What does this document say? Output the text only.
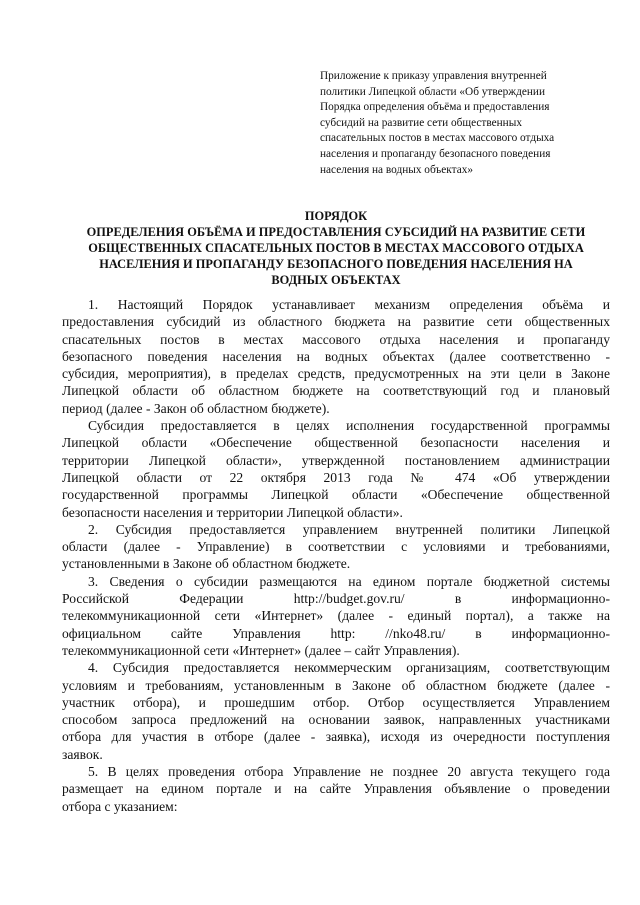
Приложение к приказу управления внутренней
политики Липецкой области «Об утверждении
Порядка определения объёма и предоставления
субсидий на развитие сети общественных
спасательных постов в местах массового отдыха
населения и пропаганду безопасного поведения
населения на водных объектах»
ПОРЯДОК
ОПРЕДЕЛЕНИЯ ОБЪЁМА И ПРЕДОСТАВЛЕНИЯ СУБСИДИЙ НА РАЗВИТИЕ СЕТИ
ОБЩЕСТВЕННЫХ СПАСАТЕЛЬНЫХ ПОСТОВ В МЕСТАХ МАССОВОГО ОТДЫХА
НАСЕЛЕНИЯ И ПРОПАГАНДУ БЕЗОПАСНОГО ПОВЕДЕНИЯ НАСЕЛЕНИЯ НА
ВОДНЫХ ОБЪЕКТАХ
1. Настоящий Порядок устанавливает механизм определения объёма и
предоставления субсидий из областного бюджета на развитие сети общественных
спасательных постов в местах массового отдыха населения и пропаганду
безопасного поведения населения на водных объектах (далее соответственно -
субсидия, мероприятия), в пределах средств, предусмотренных на эти цели в Законе
Липецкой области об областном бюджете на соответствующий год и плановый
период (далее - Закон об областном бюджете).
Субсидия предоставляется в целях исполнения государственной программы
Липецкой области «Обеспечение общественной безопасности населения и
территории Липецкой области», утвержденной постановлением администрации
Липецкой области от 22 октября 2013 года № 474 «Об утверждении
государственной программы Липецкой области «Обеспечение общественной
безопасности населения и территории Липецкой области».
2. Субсидия предоставляется управлением внутренней политики Липецкой
области (далее - Управление) в соответствии с условиями и требованиями,
установленными в Законе об областном бюджете.
3. Сведения о субсидии размещаются на едином портале бюджетной системы
Российской Федерации http://budget.gov.ru/ в информационно-
телекоммуникационной сети «Интернет» (далее - единый портал), а также на
официальном сайте Управления http: //nko48.ru/ в информационно-
телекоммуникационной сети «Интернет» (далее – сайт Управления).
4. Субсидия предоставляется некоммерческим организациям, соответствующим
условиям и требованиям, установленным в Законе об областном бюджете (далее -
участник отбора), и прошедшим отбор. Отбор осуществляется Управлением
способом запроса предложений на основании заявок, направленных участниками
отбора для участия в отборе (далее - заявка), исходя из очередности поступления
заявок.
5. В целях проведения отбора Управление не позднее 20 августа текущего года
размещает на едином портале и на сайте Управления объявление о проведении
отбора с указанием:
